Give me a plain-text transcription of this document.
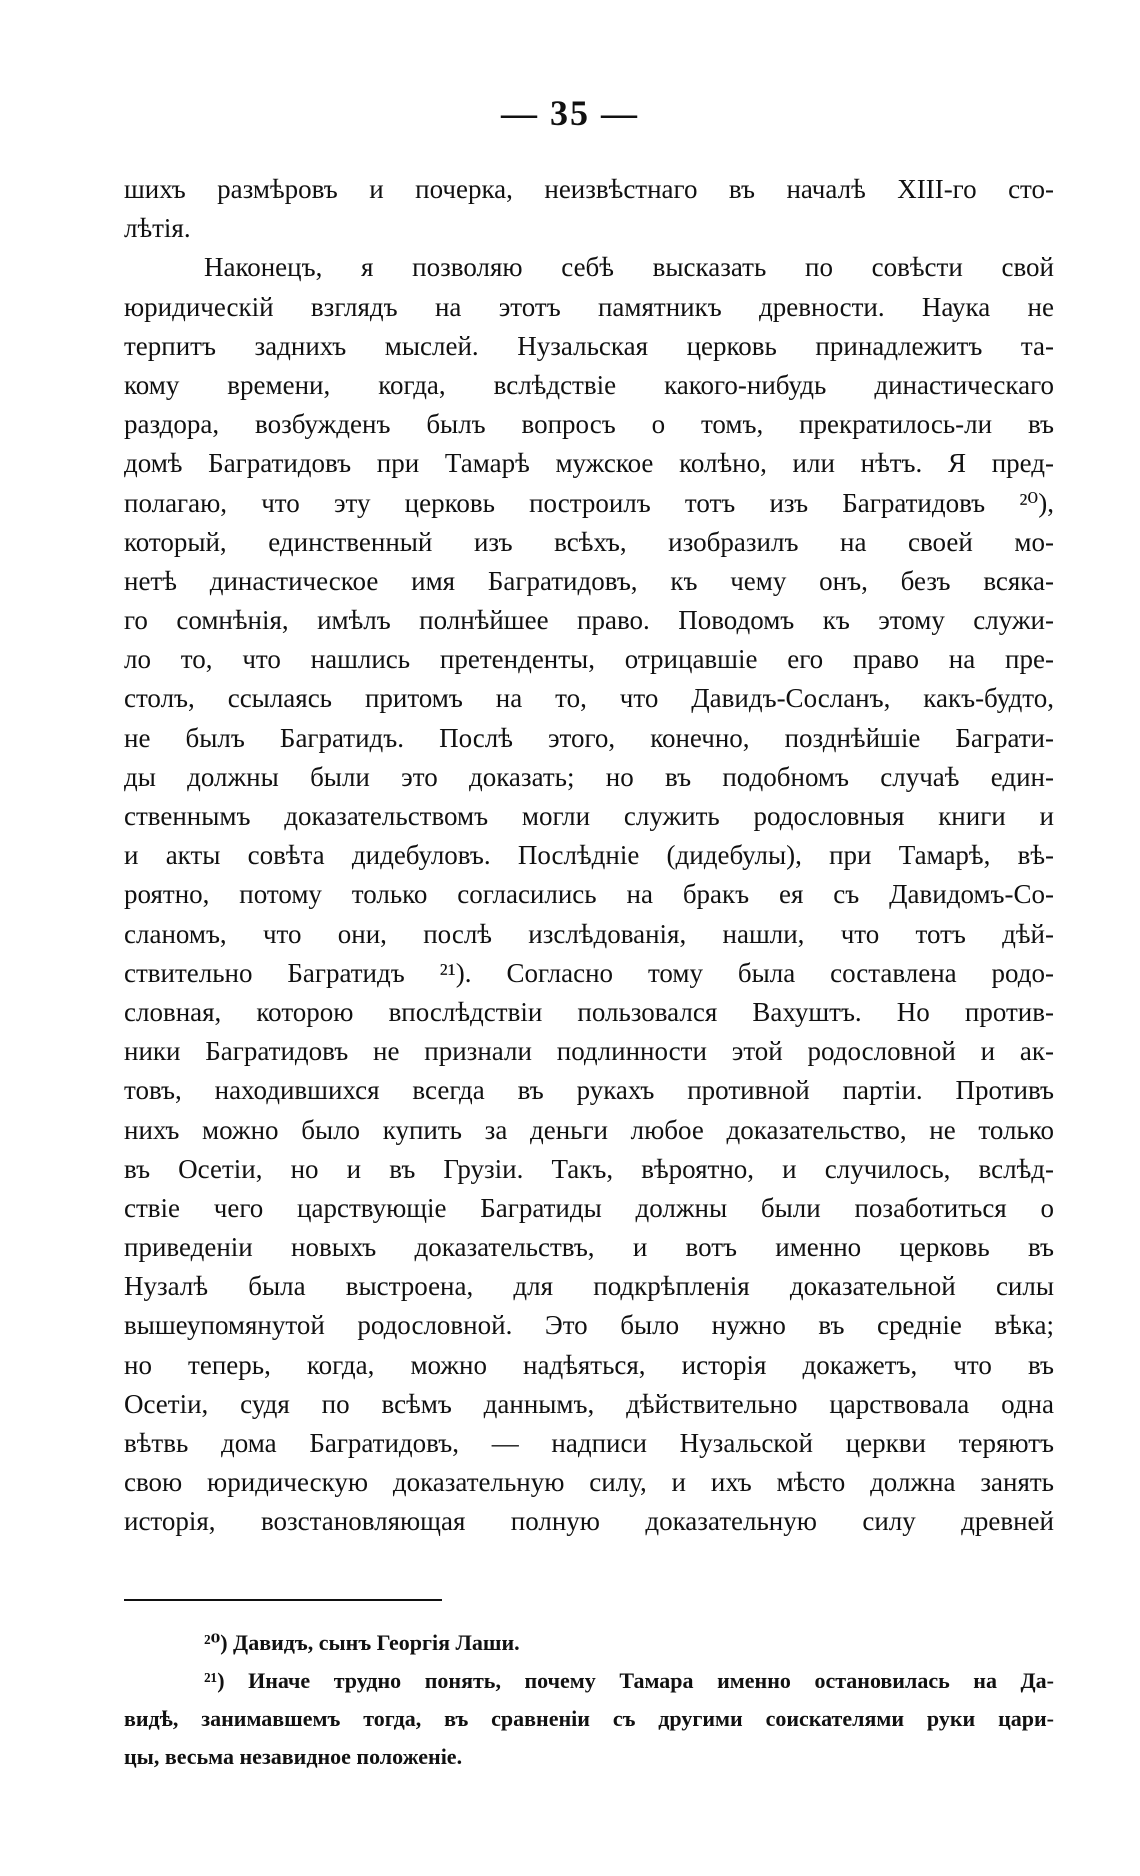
— 35 —
шихъ размѣровъ и почерка, неизвѣстнаго въ началѣ XIII-го сто-
лѣтія.
Наконецъ, я позволяю себѣ высказать по совѣсти свой
юридическій взглядъ на этотъ памятникъ древности. Наука не
терпитъ заднихъ мыслей. Нузальская церковь принадлежитъ та-
кому времени, когда, вслѣдствіе какого-нибудь династическаго
раздора, возбужденъ былъ вопросъ о томъ, прекратилось-ли въ
домѣ Багратидовъ при Тамарѣ мужское колѣно, или нѣтъ. Я пред-
полагаю, что эту церковь построилъ тотъ изъ Багратидовъ ²⁰),
который, единственный изъ всѣхъ, изобразилъ на своей мо-
нетѣ династическое имя Багратидовъ, къ чему онъ, безъ всяка-
го сомнѣнія, имѣлъ полнѣйшее право. Поводомъ къ этому служи-
ло то, что нашлись претенденты, отрицавшіе его право на пре-
столъ, ссылаясь притомъ на то, что Давидъ-Сосланъ, какъ-будто,
не былъ Багратидъ. Послѣ этого, конечно, позднѣйшіе Баграти-
ды должны были это доказать; но въ подобномъ случаѣ един-
ственнымъ доказательствомъ могли служить родословныя книги и
и акты совѣта дидебуловъ. Послѣдніе (дидебулы), при Тамарѣ, вѣ-
роятно, потому только согласились на бракъ ея съ Давидомъ-Со-
сланомъ, что они, послѣ изслѣдованія, нашли, что тотъ дѣй-
ствительно Багратидъ ²¹). Согласно тому была составлена родо-
словная, которою впослѣдствіи пользовался Вахуштъ. Но против-
ники Багратидовъ не признали подлинности этой родословной и ак-
товъ, находившихся всегда въ рукахъ противной партіи. Противъ
нихъ можно было купить за деньги любое доказательство, не только
въ Осетіи, но и въ Грузіи. Такъ, вѣроятно, и случилось, вслѣд-
ствіе чего царствующіе Багратиды должны были позаботиться о
приведеніи новыхъ доказательствъ, и вотъ именно церковь въ
Нузалѣ была выстроена, для подкрѣпленія доказательной силы
вышеупомянутой родословной. Это было нужно въ средніе вѣка;
но теперь, когда, можно надѣяться, исторія докажетъ, что въ
Осетіи, судя по всѣмъ даннымъ, дѣйствительно царствовала одна
вѣтвь дома Багратидовъ, — надписи Нузальской церкви теряютъ
свою юридическую доказательную силу, и ихъ мѣсто должна занять
исторія, возстановляющая полную доказательную силу древней
²⁰) Давидъ, сынъ Георгія Лаши.
²¹) Иначе трудно понять, почему Тамара именно остановилась на Да-
видѣ, занимавшемъ тогда, въ сравненіи съ другими соискателями руки цари-
цы, весьма незавидное положеніе.
